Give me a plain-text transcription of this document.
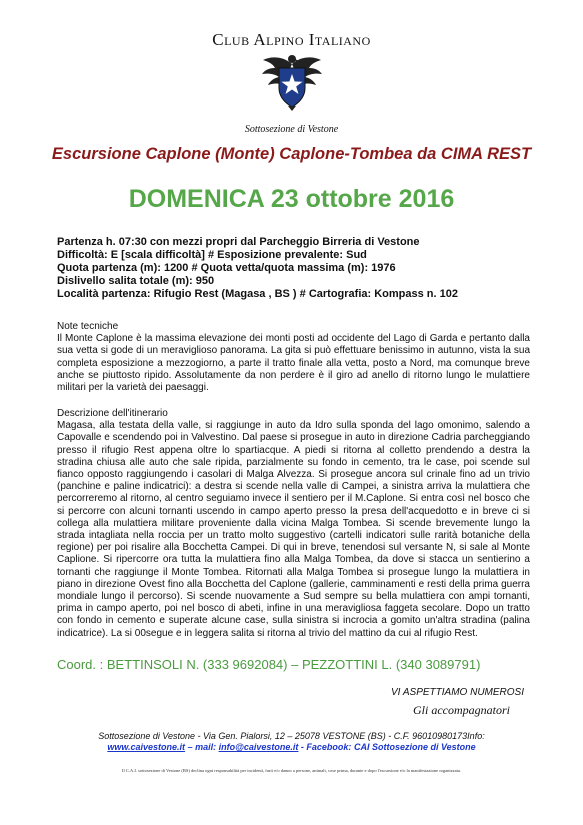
Club Alpino Italiano
Sottosezione di Vestone
Escursione Caplone (Monte) Caplone-Tombea da CIMA REST
DOMENICA 23 ottobre 2016
Partenza h. 07:30 con mezzi propri dal Parcheggio Birreria di Vestone
Difficoltà: E [scala difficoltà] # Esposizione prevalente: Sud
Quota partenza (m): 1200 # Quota vetta/quota massima (m): 1976
Dislivello salita totale (m): 950
Località partenza: Rifugio Rest (Magasa , BS ) # Cartografia: Kompass n. 102
Note tecniche
Il Monte Caplone è la massima elevazione dei monti posti ad occidente del Lago di Garda e pertanto dalla sua vetta si gode di un meraviglioso panorama. La gita si può effettuare benissimo in autunno, vista la sua completa esposizione a mezzogiorno, a parte il tratto finale alla vetta, posto a Nord, ma comunque breve anche se piuttosto ripido. Assolutamente da non perdere è il giro ad anello di ritorno lungo le mulattiere militari per la varietà dei paesaggi.
Descrizione dell'itinerario
Magasa, alla testata della valle, si raggiunge in auto da Idro sulla sponda del lago omonimo, salendo a Capovalle e scendendo poi in Valvestino. Dal paese si prosegue in auto in direzione Cadria parcheggiando presso il rifugio Rest appena oltre lo spartiacque. A piedi si ritorna al colletto prendendo a destra la stradina chiusa alle auto che sale ripida, parzialmente su fondo in cemento, tra le case, poi scende sul fianco opposto raggiungendo i casolari di Malga Alvezza. Si prosegue ancora sul crinale fino ad un trivio (panchine e paline indicatrici): a destra si scende nella valle di Campei, a sinistra arriva la mulattiera che percorreremo al ritorno, al centro seguiamo invece il sentiero per il M.Caplone. Si entra così nel bosco che si percorre con alcuni tornanti uscendo in campo aperto presso la presa dell'acquedotto e in breve ci si collega alla mulattiera militare proveniente dalla vicina Malga Tombea. Si scende brevemente lungo la strada intagliata nella roccia per un tratto molto suggestivo (cartelli indicatori sulle rarità botaniche della regione) per poi risalire alla Bocchetta Campei. Di qui in breve, tenendosi sul versante N, si sale al Monte Caplione. Si ripercorre ora tutta la mulattiera fino alla Malga Tombea, da dove si stacca un sentierino a tornanti che raggiunge il Monte Tombea. Ritornati alla Malga Tombea si prosegue lungo la mulattiera in piano in direzione Ovest fino alla Bocchetta del Caplone (gallerie, camminamenti e resti della prima guerra mondiale lungo il percorso). Si scende nuovamente a Sud sempre su bella mulattiera con ampi tornanti, prima in campo aperto, poi nel bosco di abeti, infine in una meravigliosa faggeta secolare. Dopo un tratto con fondo in cemento e superate alcune case, sulla sinistra si incrocia a gomito un'altra stradina (palina indicatrice). La si 00segue e in leggera salita si ritorna al trivio del mattino da cui al rifugio Rest.
Coord. : BETTINSOLI N. (333 9692084) – PEZZOTTINI L. (340 3089791)
VI ASPETTIAMO NUMEROSI
Gli accompagnatori
Sottosezione di Vestone - Via Gen. Pialorsi, 12 – 25078 VESTONE (BS) - C.F. 96010980173Info:
www.caivestone.it – mail: info@caivestone.it - Facebook: CAI Sottosezione di Vestone
Il C.A.I. sottosezione di Vestone (BS) declina ogni responsabilità per incidenti, furti e/o danno a persone, animali, cose prima, durante e dopo l'escursione e/o la manifestazione organizzata.
